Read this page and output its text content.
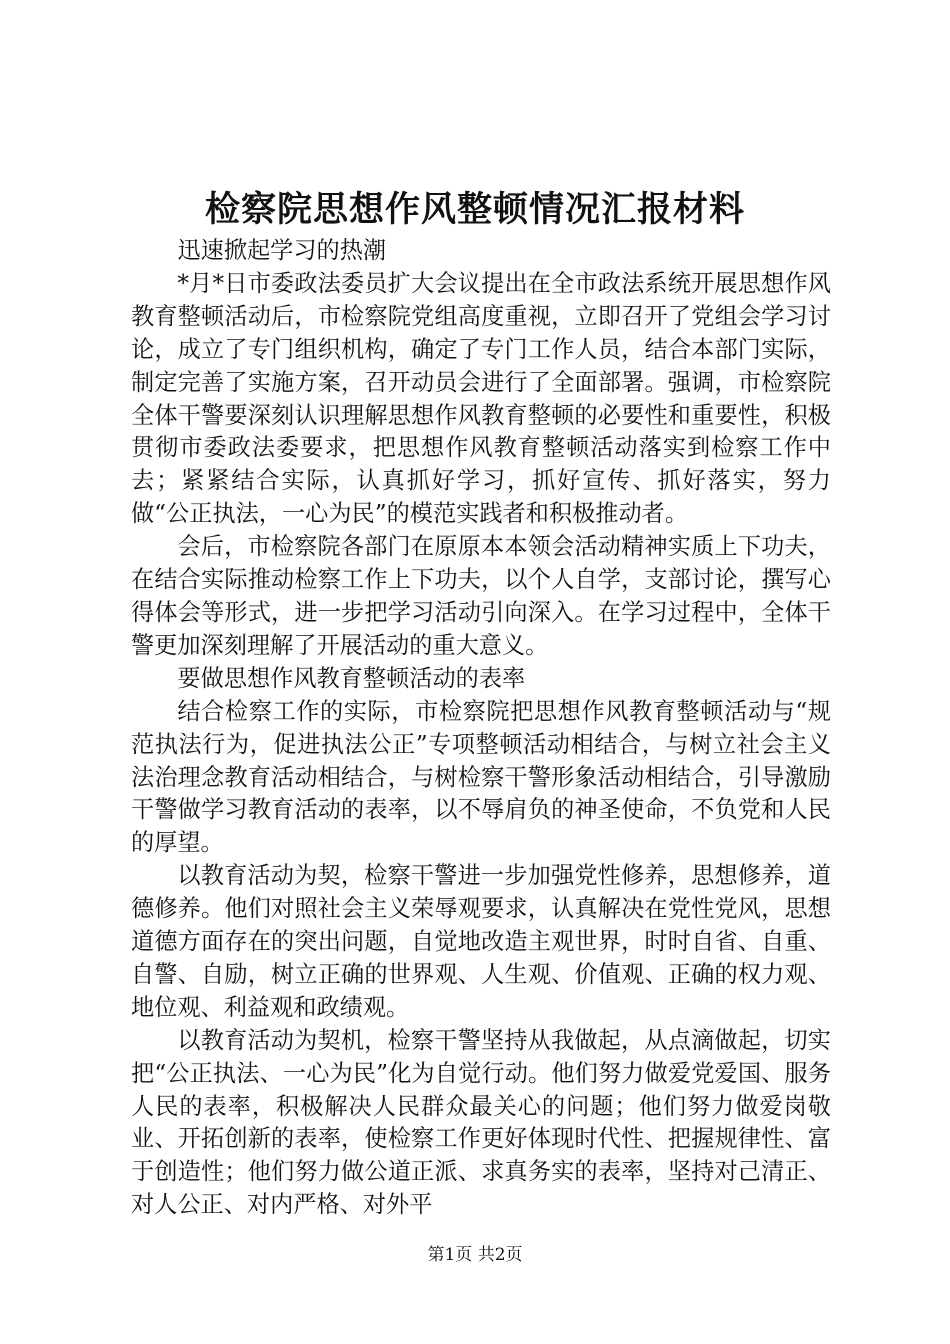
检察院思想作风整顿情况汇报材料

迅速掀起学习的热潮

*月*日市委政法委员扩大会议提出在全市政法系统开展思想作风教育整顿活动后，市检察院党组高度重视，立即召开了党组会学习讨论，成立了专门组织机构，确定了专门工作人员，结合本部门实际，制定完善了实施方案，召开动员会进行了全面部署。强调，市检察院全体干警要深刻认识理解思想作风教育整顿的必要性和重要性，积极贯彻市委政法委要求，把思想作风教育整顿活动落实到检察工作中去；紧紧结合实际，认真抓好学习，抓好宣传、抓好落实，努力做“公正执法，一心为民”的模范实践者和积极推动者。

会后，市检察院各部门在原原本本领会活动精神实质上下功夫，在结合实际推动检察工作上下功夫，以个人自学，支部讨论，撰写心得体会等形式，进一步把学习活动引向深入。在学习过程中，全体干警更加深刻理解了开展活动的重大意义。

要做思想作风教育整顿活动的表率

结合检察工作的实际，市检察院把思想作风教育整顿活动与“规范执法行为，促进执法公正”专项整顿活动相结合，与树立社会主义法治理念教育活动相结合，与树检察干警形象活动相结合，引导激励干警做学习教育活动的表率，以不辱肩负的神圣使命，不负党和人民的厚望。

以教育活动为契，检察干警进一步加强党性修养，思想修养，道德修养。他们对照社会主义荣辱观要求，认真解决在党性党风，思想道德方面存在的突出问题，自觉地改造主观世界，时时自省、自重、自警、自励，树立正确的世界观、人生观、价值观、正确的权力观、地位观、利益观和政绩观。

以教育活动为契机，检察干警坚持从我做起，从点滴做起，切实把“公正执法、一心为民”化为自觉行动。他们努力做爱党爱国、服务人民的表率，积极解决人民群众最关心的问题；他们努力做爱岗敬业、开拓创新的表率，使检察工作更好体现时代性、把握规律性、富于创造性；他们努力做公道正派、求真务实的表率，坚持对己清正、对人公正、对内严格、对外平

第1页 共2页
